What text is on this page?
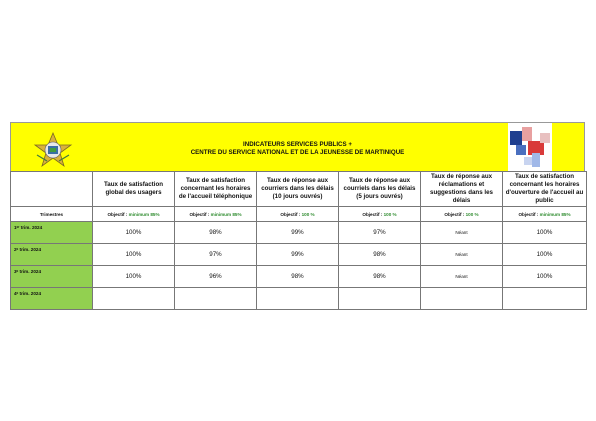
INDICATEURS SERVICES PUBLICS +
CENTRE DU SERVICE NATIONAL ET DE LA JEUNESSE DE MARTINIQUE
	Taux de satisfaction global des usagers	Taux de satisfaction concernant les horaires de l'accueil téléphonique	Taux de réponse aux courriers dans les délais (10 jours ouvrés)	Taux de réponse aux courriels dans les délais (5 jours ouvrés)	Taux de réponse aux réclamations et suggestions dans les délais	Taux de satisfaction concernant les horaires d'ouverture de l'accueil au public
Trimestres	Objectif : minimum 85%	Objectif : minimum 85%	Objectif : 100 %	Objectif : 100 %	Objectif : 100 %	Objectif : minimum 85%
1ᵉʳ trim. 2024	100%	98%	99%	97%	Néant	100%
2ᵉ trim. 2024	100%	97%	99%	98%	Néant	100%
3ᵉ trim. 2024	100%	96%	98%	98%	Néant	100%
4ᵉ trim. 2024						
